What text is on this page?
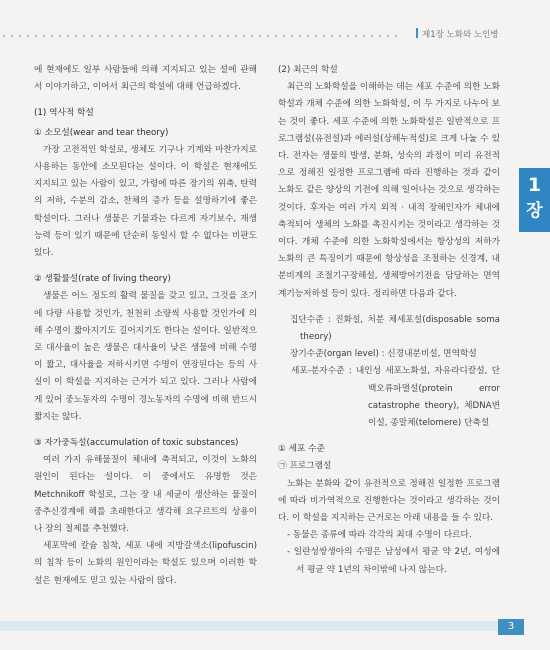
제1장 노화와 노인병

에 현재에도 일부 사람들에 의해 지지되고 있는 설에 관해서 이야기하고, 이어서 최근의 학설에 대해 언급하겠다.

(1) 역사적 학설

① 소모설(wear and tear theory)

가장 고전적인 학설로, 생체도 기구나 기계와 마찬가지로 사용하는 동안에 소모된다는 설이다. 이 학설은 현재에도 지지되고 있는 사람이 있고, 가령에 따른 장기의 위축, 탄력의 저하, 수분의 감소, 찬체의 증가 등을 설명하기에 좋은 학설이다. 그러나 생물은 기물과는 다르게 자기보수, 재생 능력 등이 있기 때문에 단순히 동일시 할 수 없다는 비판도 있다.

② 생활률설(rate of living theory)

생물은 어느 정도의 활력 물질을 갖고 있고, 그것을 조기에 다량 사용할 것인가, 천천히 소량씩 사용할 것인가에 의해 수명이 짧아지기도 길어지기도 한다는 설이다. 일반적으로 대사율이 높은 생물은 대사율이 낮은 생물에 비해 수명이 짧고, 대사율을 저하시키면 수명이 연장된다는 등의 사실이 이 학설을 지지하는 근거가 되고 있다. 그러나 사람에게 있어 중노동자의 수명이 경노동자의 수명에 비해 반드시 짧지는 않다.

③ 자가중독설(accumulation of toxic substances)

여러 가지 유해물질이 체내에 축적되고, 이것이 노화의 원인이 된다는 설이다. 이 중에서도 유명한 것은 Metchnikoff 학설로, 그는 장 내 세균이 생산하는 물질이 중추신경계에 해를 초래한다고 생각해 요구르트의 상용이나 장의 절제를 추천했다.

세포막에 칼슘 침착, 세포 내에 지방갈색소(lipofuscin)의 침착 등이 노화의 원인이라는 학설도 있으며 이러한 학설은 현재에도 믿고 있는 사람이 많다.

(2) 최근의 학설

최근의 노화학설을 이해하는 데는 세포 수준에 의한 노화학설과 개체 수준에 의한 노화학설, 이 두 가지로 나누어 보는 것이 좋다. 세포 수준에 의한 노화학설은 일반적으로 프로그램설(유전설)과 에러설(상해누적설)로 크게 나눌 수 있다. 전자는 생물의 발생, 분화, 성숙의 과정이 미리 유전적으로 정해진 일정한 프로그램에 따라 진행하는 것과 같이 노화도 같은 양상의 기전에 의해 일어나는 것으로 생각하는 것이다. 후자는 여러 가지 외적 · 내적 장해인자가 체내에 축적되어 생체의 노화를 촉진시키는 것이라고 생각하는 것이다. 개체 수준에 의한 노화학설에서는 항상성의 저하가 노화의 큰 특징이기 때문에 항상성을 조절하는 신경계, 내분비계의 조절기구장해설, 생체방어기전을 담당하는 면역계기능저하설 등이 있다. 정리하면 다음과 같다.

집단수준 : 진화설, 처분 체세포설(disposable soma theory)

장기수준(organ level) : 신경내분비설, 면역학설

세포-분자수준 : 내인성 세포노화설, 자유라디칼설, 단백오류파멸설(protein error catastrophe theory), 체DNA변이설, 종말체(telomere) 단축설

① 세포 수준

㉠ 프로그램설

노화는 분화와 같이 유전적으로 정해진 일정한 프로그램에 따라 비가역적으로 진행한다는 것이라고 생각하는 것이다. 이 학설을 지지하는 근거로는 아래 내용을 들 수 있다.

- 동물은 종류에 따라 각각의 최대 수명이 다르다.

- 일란성쌍생아의 수명은 남성에서 평균 약 2년, 여성에서 평균 약 1년의 차이밖에 나지 않는다.

1
장
3
